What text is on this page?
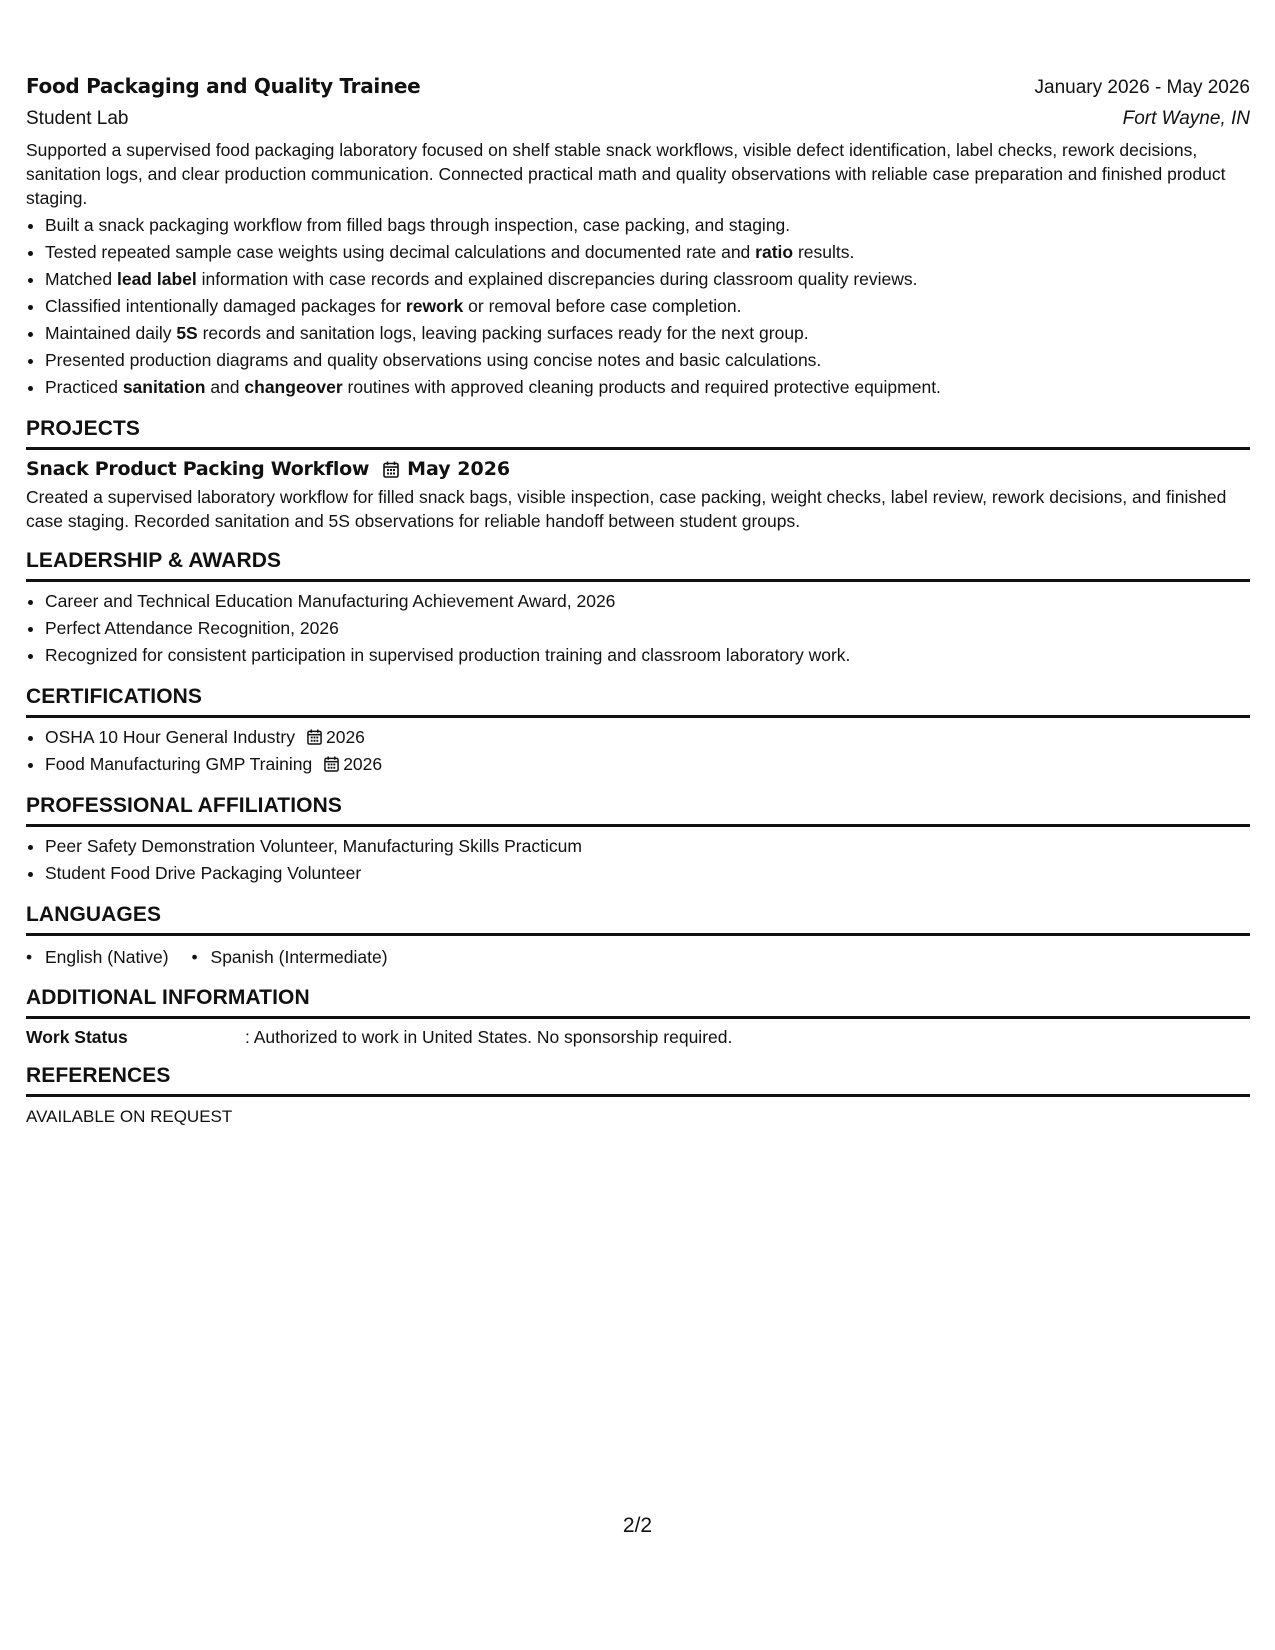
Food Packaging and Quality Trainee	January 2026 - May 2026
Student Lab	Fort Wayne, IN
Supported a supervised food packaging laboratory focused on shelf stable snack workflows, visible defect identification, label checks, rework decisions, sanitation logs, and clear production communication. Connected practical math and quality observations with reliable case preparation and finished product staging.
• Built a snack packaging workflow from filled bags through inspection, case packing, and staging.
• Tested repeated sample case weights using decimal calculations and documented rate and ratio results.
• Matched lead label information with case records and explained discrepancies during classroom quality reviews.
• Classified intentionally damaged packages for rework or removal before case completion.
• Maintained daily 5S records and sanitation logs, leaving packing surfaces ready for the next group.
• Presented production diagrams and quality observations using concise notes and basic calculations.
• Practiced sanitation and changeover routines with approved cleaning products and required protective equipment.
PROJECTS
Snack Product Packing Workflow May 2026
Created a supervised laboratory workflow for filled snack bags, visible inspection, case packing, weight checks, label review, rework decisions, and finished case staging. Recorded sanitation and 5S observations for reliable handoff between student groups.
LEADERSHIP & AWARDS
• Career and Technical Education Manufacturing Achievement Award, 2026
• Perfect Attendance Recognition, 2026
• Recognized for consistent participation in supervised production training and classroom laboratory work.
CERTIFICATIONS
• OSHA 10 Hour General Industry 2026
• Food Manufacturing GMP Training 2026
PROFESSIONAL AFFILIATIONS
• Peer Safety Demonstration Volunteer, Manufacturing Skills Practicum
• Student Food Drive Packaging Volunteer
LANGUAGES
• English (Native)
•	Spanish (Intermediate)
ADDITIONAL INFORMATION
Work Status	: Authorized to work in United States. No sponsorship required.
REFERENCES
AVAILABLE ON REQUEST
2/2
